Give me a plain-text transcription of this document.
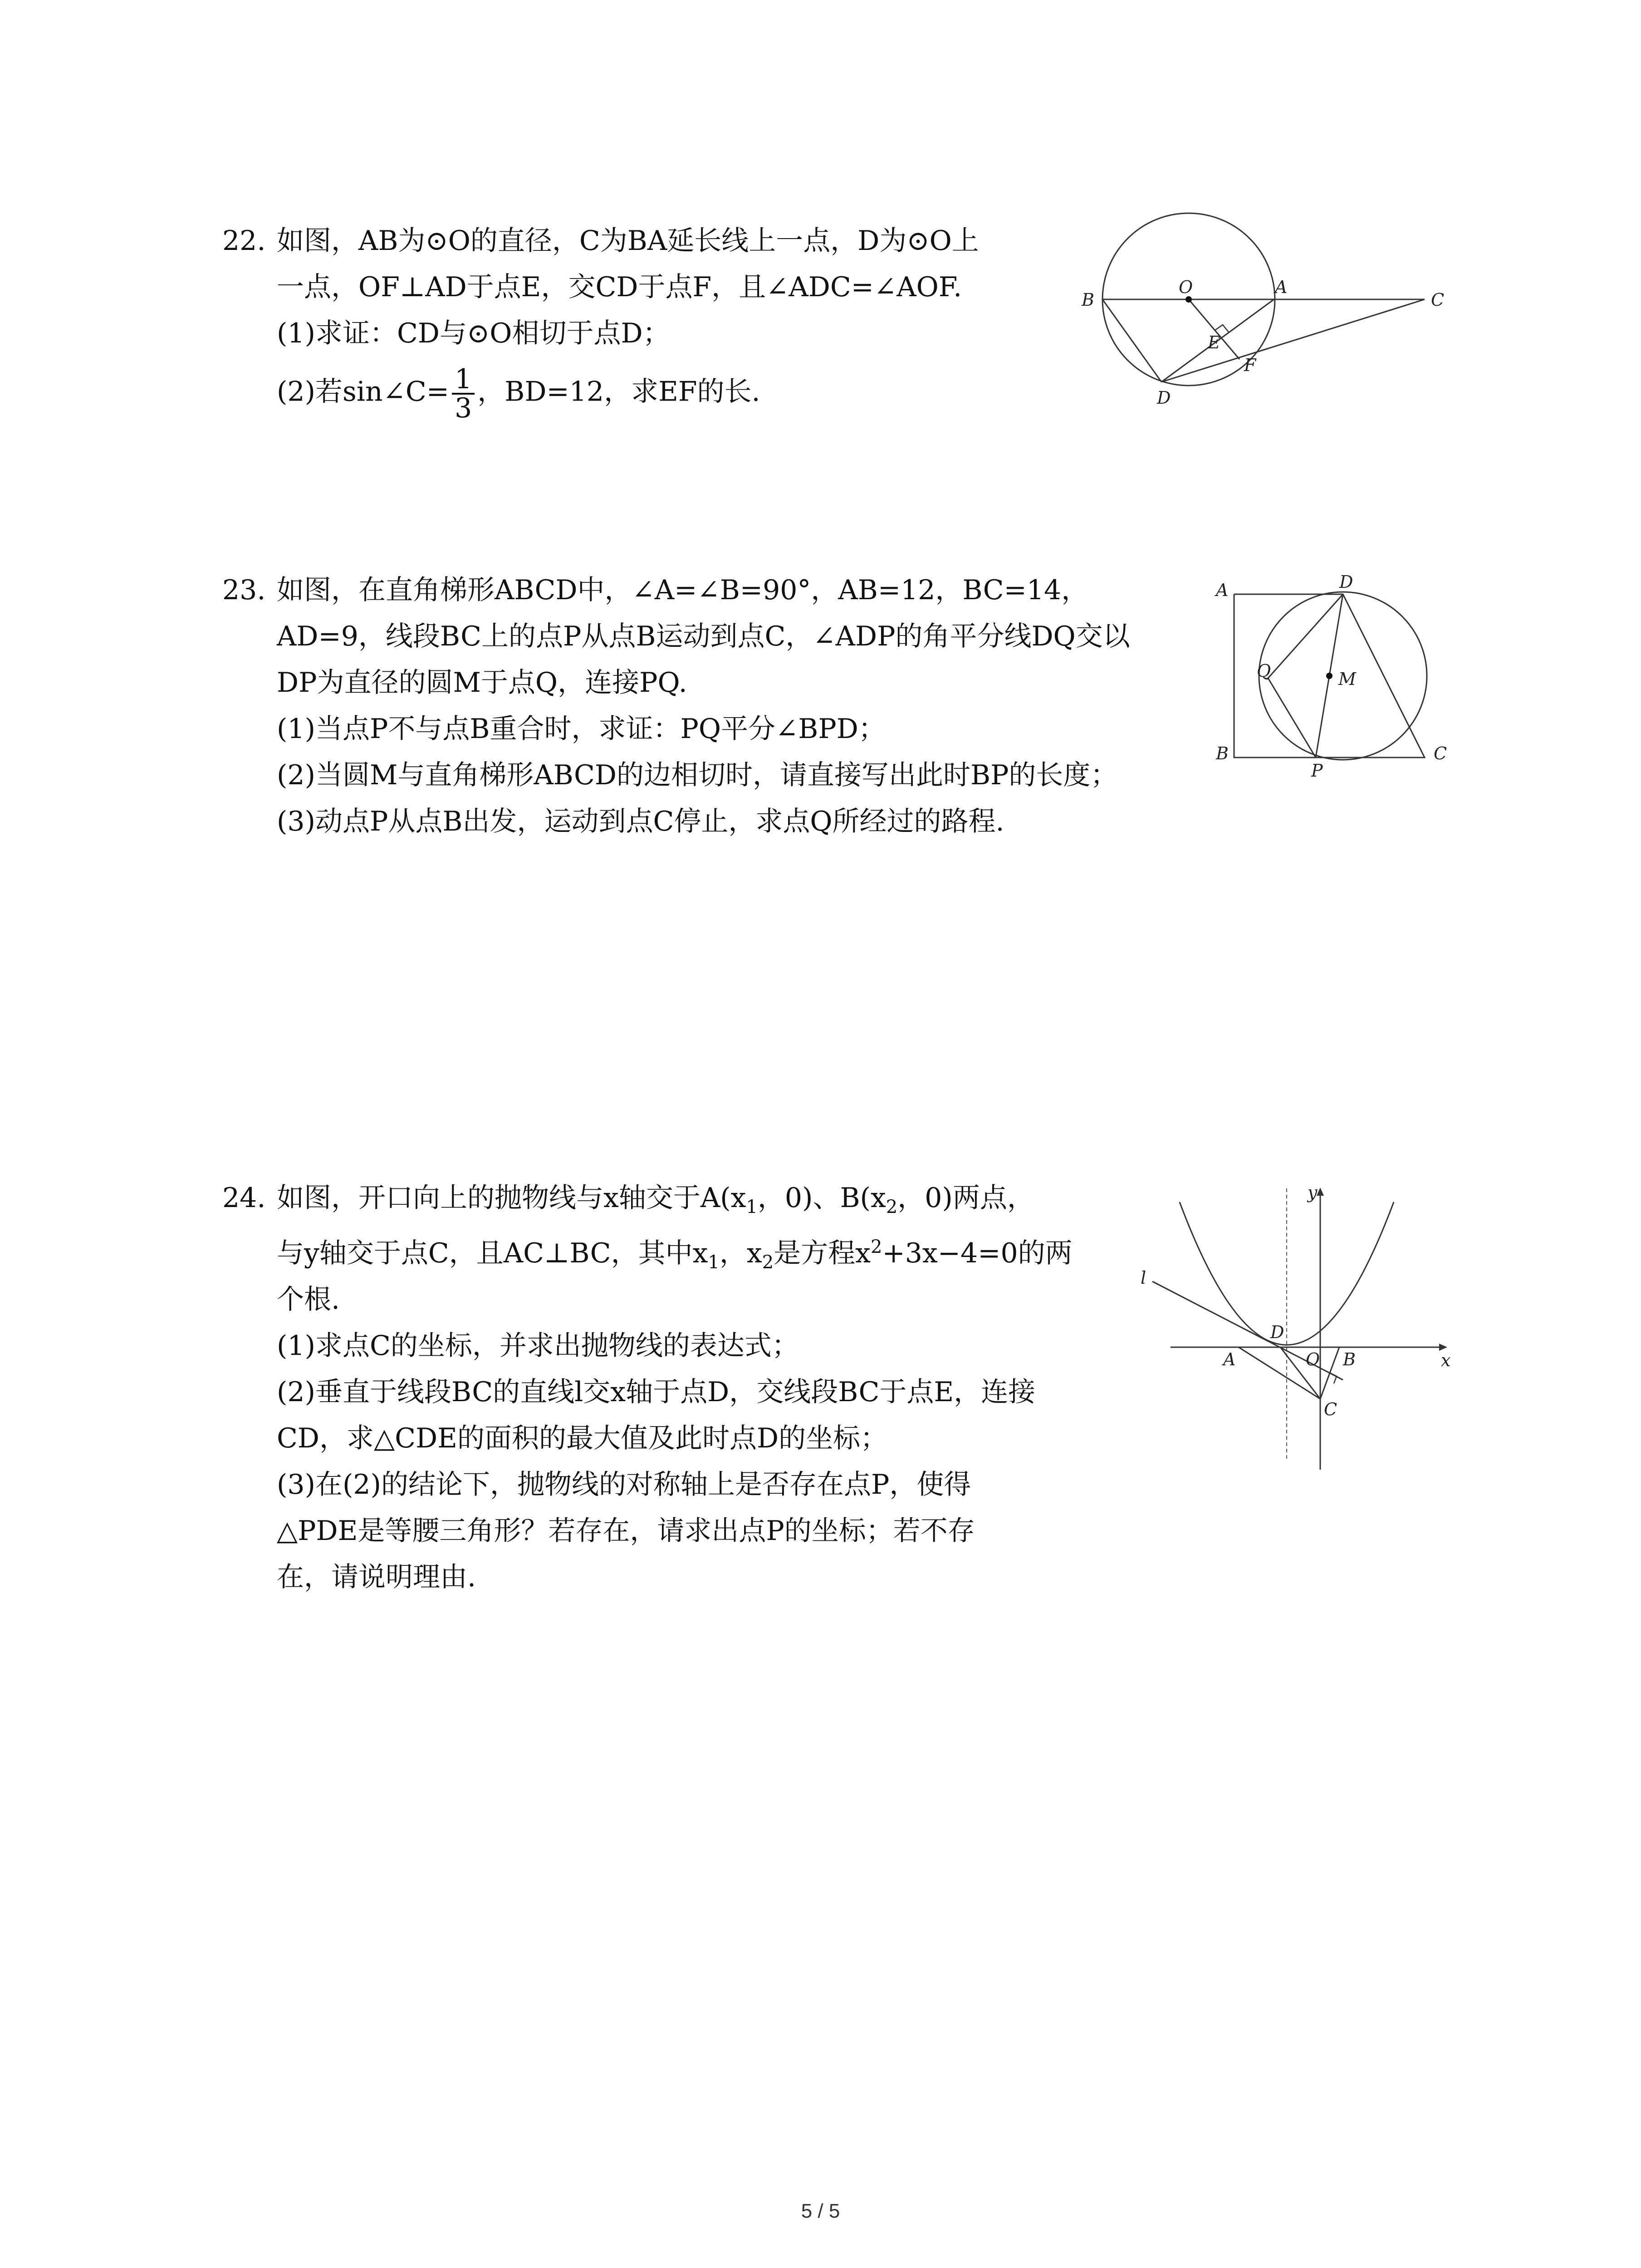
22. 如图，AB为⊙O的直径，C为BA延长线上一点，D为⊙O上
一点，OF⊥AD于点E，交CD于点F，且∠ADC=∠AOF.
(1)求证：CD与⊙O相切于点D；
(2)若sin∠C= $\frac{1}{3}$ ，BD=12，求EF的长.
B
O	A
C
E
F
D
23. 如图，在直角梯形ABCD中，∠A=∠B=90°，AB=12，BC=14，
AD=9，线段BC上的点P从点B运动到点C，∠ADP的角平分线DQ交以
DP为直径的圆M于点Q，连接PQ.
(1)当点P不与点B重合时，求证：PQ平分∠BPD；
(2)当圆M与直角梯形ABCD的边相切时，请直接写出此时BP的长度；
(3)动点P从点B出发，运动到点C停止，求点Q所经过的路程.
A	D
Q	M
B
P
C
24. 如图，开口向上的抛物线与x轴交于$A(x_1$，0)、$B(x_2$，0)两点，
与y轴交于点C，且AC⊥BC，其中$x_1$，$x_2$是方程$x^2+3x-4=0$的两
个根.
(1)求点C的坐标，并求出抛物线的表达式；
(2)垂直于线段BC的直线l交x轴于点D，交线段BC于点E，连接
CD，求△CDE的面积的最大值及此时点D的坐标；
(3)在(2)的结论下，抛物线的对称轴上是否存在点P，使得
△PDE是等腰三角形？若存在，请求出点P的坐标；若不存
在，请说明理由.
y
l
D
A	O B	x
C
5 / 5
